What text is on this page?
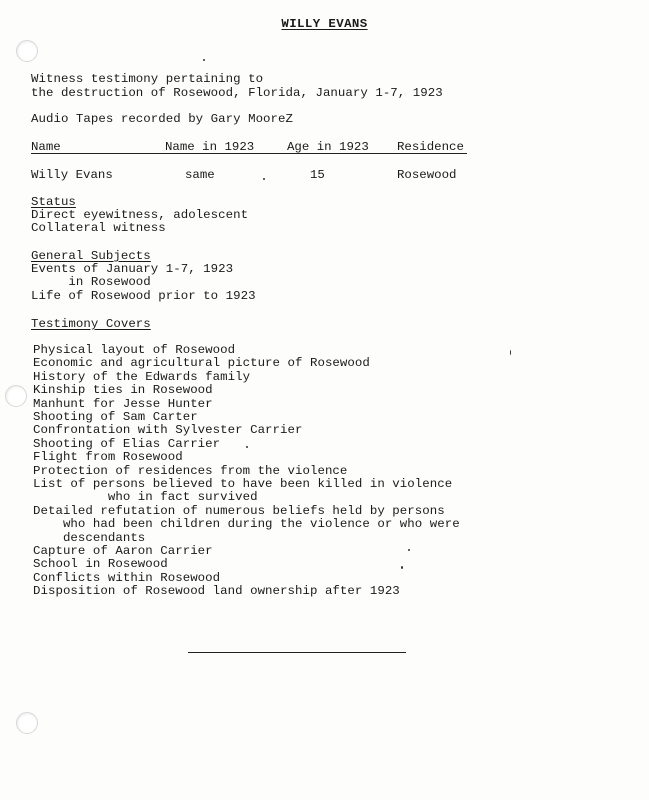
WILLY EVANS
Witness testimony pertaining to
the destruction of Rosewood, Florida, January 1-7, 1923
Audio Tapes recorded by Gary MooreZ
Name	Name in 1923	Age in 1923 Residence
Willy Evans	same	15	Rosewood
Status
Direct eyewitness, adolescent
Collateral witness
General Subjects
Events of January 1-7, 1923
in Rosewood
Life of Rosewood prior to 1923
Testimony Covers
Physical layout of Rosewood
Economic and agricultural picture of Rosewood
History of the Edwards family
Kinship ties in Rosewood
Manhunt for Jesse Hunter
Shooting of Sam Carter
Confrontation with Sylvester Carrier
Shooting of Elias Carrier
Flight from Rosewood
Protection of residences from the violence
List of persons believed to have been killed in violence
who in fact survived
Detailed refutation of numerous beliefs held by persons
who had been children during the violence or who were
descendants
Capture of Aaron Carrier
School in Rosewood
Conflicts within Rosewood
Disposition of Rosewood land ownership after 1923
